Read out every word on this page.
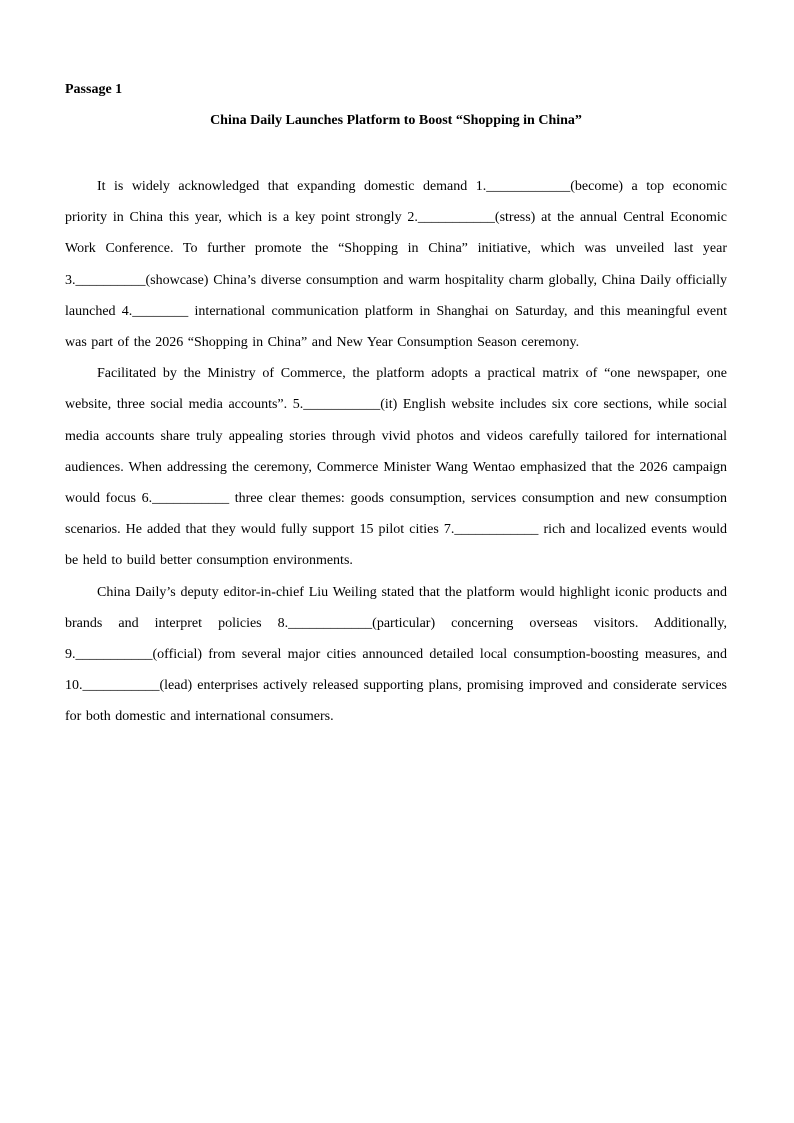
Passage 1
China Daily Launches Platform to Boost “Shopping in China”

It is widely acknowledged that expanding domestic demand 1.____________(become) a top economic priority in China this year, which is a key point strongly 2.___________(stress) at the annual Central Economic Work Conference. To further promote the “Shopping in China” initiative, which was unveiled last year 3.__________(showcase) China’s diverse consumption and warm hospitality charm globally, China Daily officially launched 4.________ international communication platform in Shanghai on Saturday, and this meaningful event was part of the 2026 “Shopping in China” and New Year Consumption Season ceremony.

Facilitated by the Ministry of Commerce, the platform adopts a practical matrix of “one newspaper, one website, three social media accounts”. 5.___________(it) English website includes six core sections, while social media accounts share truly appealing stories through vivid photos and videos carefully tailored for international audiences. When addressing the ceremony, Commerce Minister Wang Wentao emphasized that the 2026 campaign would focus 6.___________ three clear themes: goods consumption, services consumption and new consumption scenarios. He added that they would fully support 15 pilot cities 7.____________ rich and localized events would be held to build better consumption environments.

China Daily’s deputy editor-in-chief Liu Weiling stated that the platform would highlight iconic products and brands and interpret policies 8.____________(particular) concerning overseas visitors. Additionally, 9.___________(official) from several major cities announced detailed local consumption-boosting measures, and 10.___________(lead) enterprises actively released supporting plans, promising improved and considerate services for both domestic and international consumers.
